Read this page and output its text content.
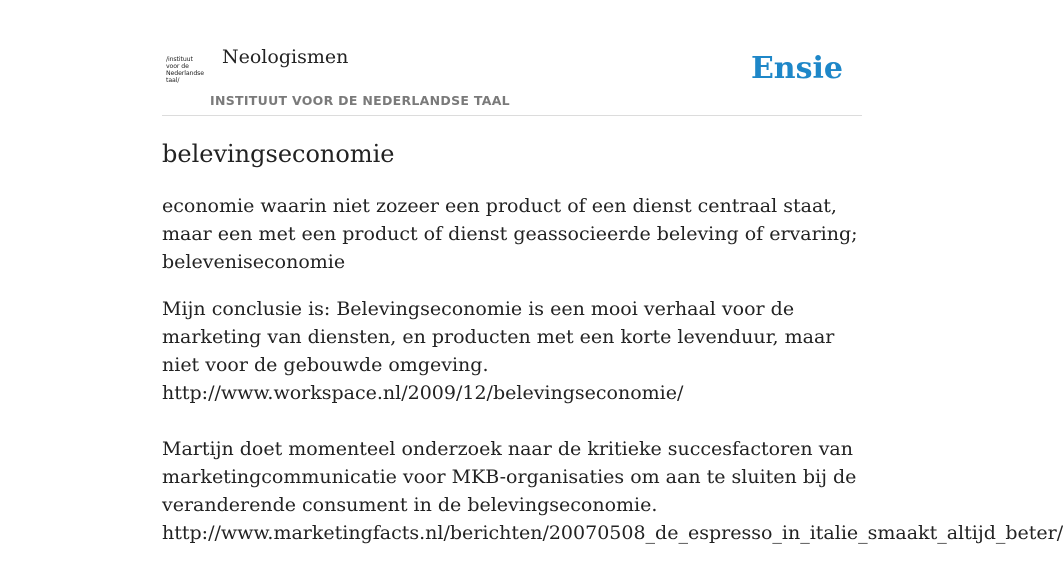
/instituut
voor de
Nederlandse
taal/
Neologismen
INSTITUUT VOOR DE NEDERLANDSE TAAL
Ensie
belevingseconomie

economie waarin niet zozeer een product of een dienst centraal staat, maar een met een product of dienst geassocieerde beleving of ervaring; beleveniseconomie

Mijn conclusie is: Belevingseconomie is een mooi verhaal voor de marketing van diensten, en producten met een korte levenduur, maar niet voor de gebouwde omgeving.
http://www.workspace.nl/2009/12/belevingseconomie/
Martijn doet momenteel onderzoek naar de kritieke succesfactoren van marketingcommunicatie voor MKB-organisaties om aan te sluiten bij de veranderende consument in de belevingseconomie.
http://www.marketingfacts.nl/berichten/20070508_de_espresso_in_italie_smaakt_altijd_beter/
